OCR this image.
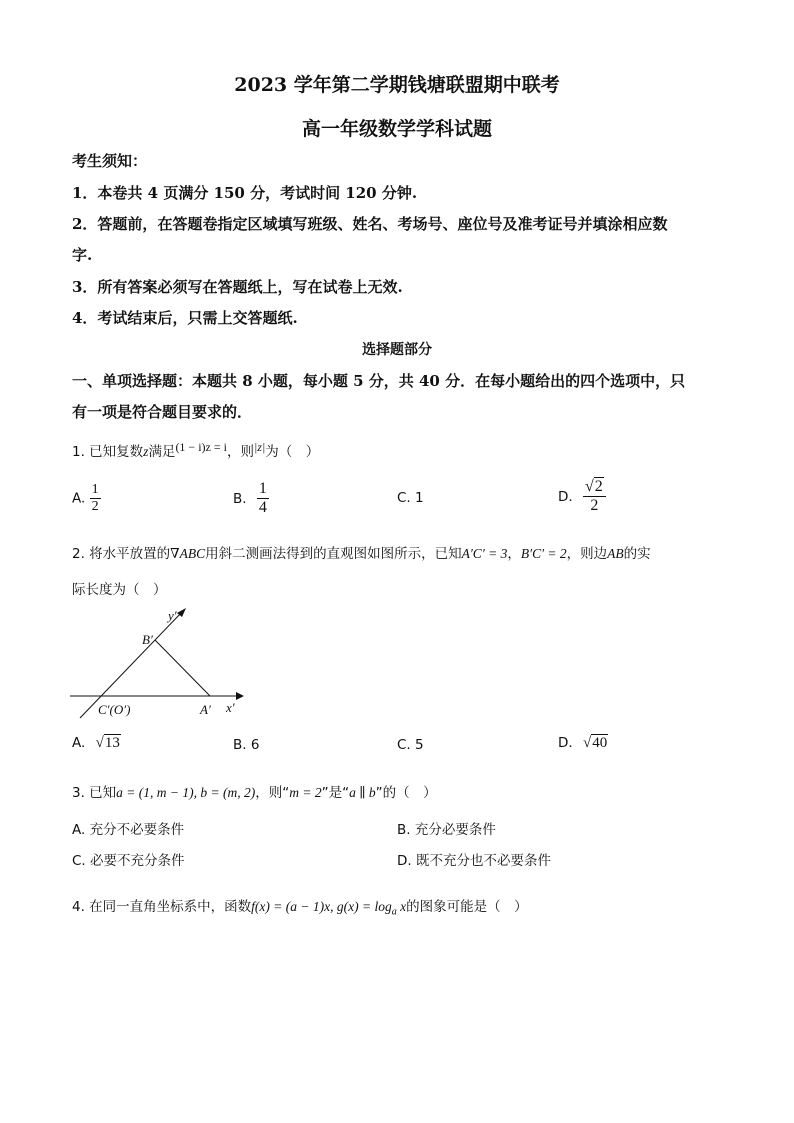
2023 学年第二学期钱塘联盟期中联考
高一年级数学学科试题
考生须知：
1．本卷共 4 页满分 150 分，考试时间 120 分钟.
2．答题前，在答题卷指定区域填写班级、姓名、考场号、座位号及准考证号并填涂相应数
字.
3．所有答案必须写在答题纸上，写在试卷上无效.
4．考试结束后，只需上交答题纸.
选择题部分
一、单项选择题：本题共 8 小题，每小题 5 分，共 40 分．在每小题给出的四个选项中，只
有一项是符合题目要求的．
1. 已知复数z满足(1 − i)z = i，则|z|为（　）
A. $\frac{1}{2}$	B. $\frac{1}{4}$	C. 1	D. $\frac{√2}{2}$
2. 将水平放置的∇ABC用斜二测画法得到的直观图如图所示，已知A′C′ = 3，B′C′ = 2，则边AB的实
际长度为（　）
y′
B′
C′(O′)	A′ x′
A. √13	B. 6	C. 5	D. √40
3. 已知a = (1, m − 1), b = (m, 2)，则“m = 2”是“a ∥ b”的（　）
A. 充分不必要条件	B. 充分必要条件
C. 必要不充分条件	D. 既不充分也不必要条件
4. 在同一直角坐标系中，函数f(x) = (a − 1)x, $g(x) = \log_a x$的图象可能是（　）
